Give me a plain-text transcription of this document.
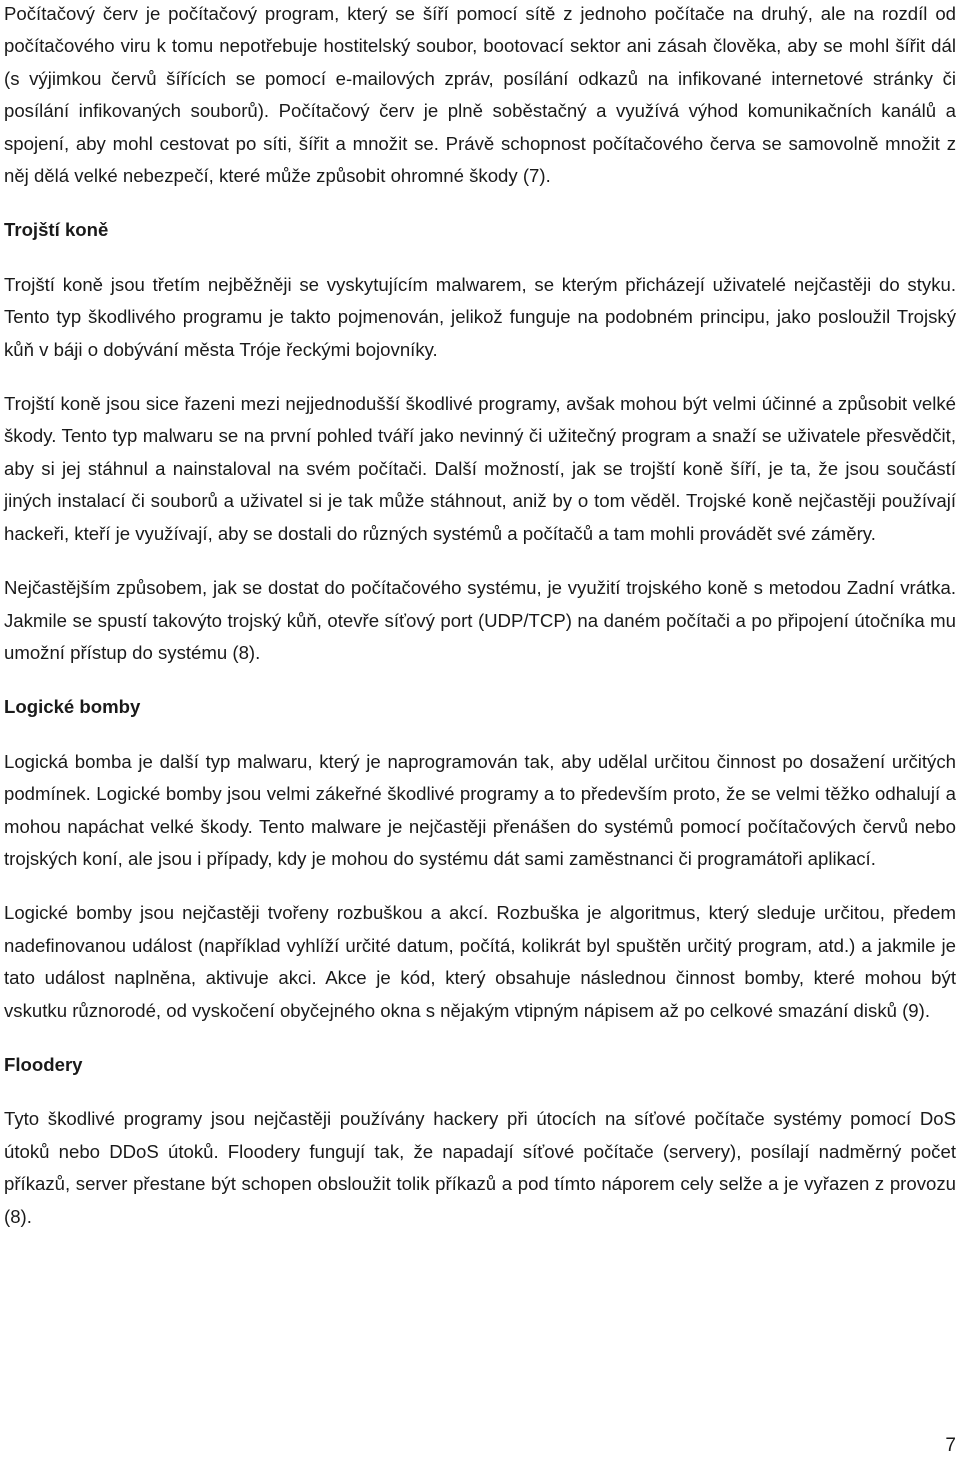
Počítačový červ je počítačový program, který se šíří pomocí sítě z jednoho počítače na druhý, ale na rozdíl od počítačového viru k tomu nepotřebuje hostitelský soubor, bootovací sektor ani zásah člověka, aby se mohl šířit dál (s výjimkou červů šířících se pomocí e-mailových zpráv, posílání odkazů na infikované internetové stránky či posílání infikovaných souborů). Počítačový červ je plně soběstačný a využívá výhod komunikačních kanálů a spojení, aby mohl cestovat po síti, šířit a množit se. Právě schopnost počítačového červa se samovolně množit z něj dělá velké nebezpečí, které může způsobit ohromné škody (7).

Trojští koně

Trojští koně jsou třetím nejběžněji se vyskytujícím malwarem, se kterým přicházejí uživatelé nejčastěji do styku. Tento typ škodlivého programu je takto pojmenován, jelikož funguje na podobném principu, jako posloužil Trojský kůň v báji o dobývání města Tróje řeckými bojovníky.

Trojští koně jsou sice řazeni mezi nejjednodušší škodlivé programy, avšak mohou být velmi účinné a způsobit velké škody. Tento typ malwaru se na první pohled tváří jako nevinný či užitečný program a snaží se uživatele přesvědčit, aby si jej stáhnul a nainstaloval na svém počítači. Další možností, jak se trojští koně šíří, je ta, že jsou součástí jiných instalací či souborů a uživatel si je tak může stáhnout, aniž by o tom věděl. Trojské koně nejčastěji používají hackeři, kteří je využívají, aby se dostali do různých systémů a počítačů a tam mohli provádět své záměry.

Nejčastějším způsobem, jak se dostat do počítačového systému, je využití trojského koně s metodou Zadní vrátka. Jakmile se spustí takovýto trojský kůň, otevře síťový port (UDP/TCP) na daném počítači a po připojení útočníka mu umožní přístup do systému (8).

Logické bomby

Logická bomba je další typ malwaru, který je naprogramován tak, aby udělal určitou činnost po dosažení určitých podmínek. Logické bomby jsou velmi zákeřné škodlivé programy a to především proto, že se velmi těžko odhalují a mohou napáchat velké škody. Tento malware je nejčastěji přenášen do systémů pomocí počítačových červů nebo trojských koní, ale jsou i případy, kdy je mohou do systému dát sami zaměstnanci či programátoři aplikací.

Logické bomby jsou nejčastěji tvořeny rozbuškou a akcí. Rozbuška je algoritmus, který sleduje určitou, předem nadefinovanou událost (například vyhlíží určité datum, počítá, kolikrát byl spuštěn určitý program, atd.) a jakmile je tato událost naplněna, aktivuje akci. Akce je kód, který obsahuje následnou činnost bomby, které mohou být vskutku různorodé, od vyskočení obyčejného okna s nějakým vtipným nápisem až po celkové smazání disků (9).

Floodery

Tyto škodlivé programy jsou nejčastěji používány hackery při útocích na síťové počítače systémy pomocí DoS útoků nebo DDoS útoků. Floodery fungují tak, že napadají síťové počítače (servery), posílají nadměrný počet příkazů, server přestane být schopen obsloužit tolik příkazů a pod tímto náporem cely selže a je vyřazen z provozu (8).

7
